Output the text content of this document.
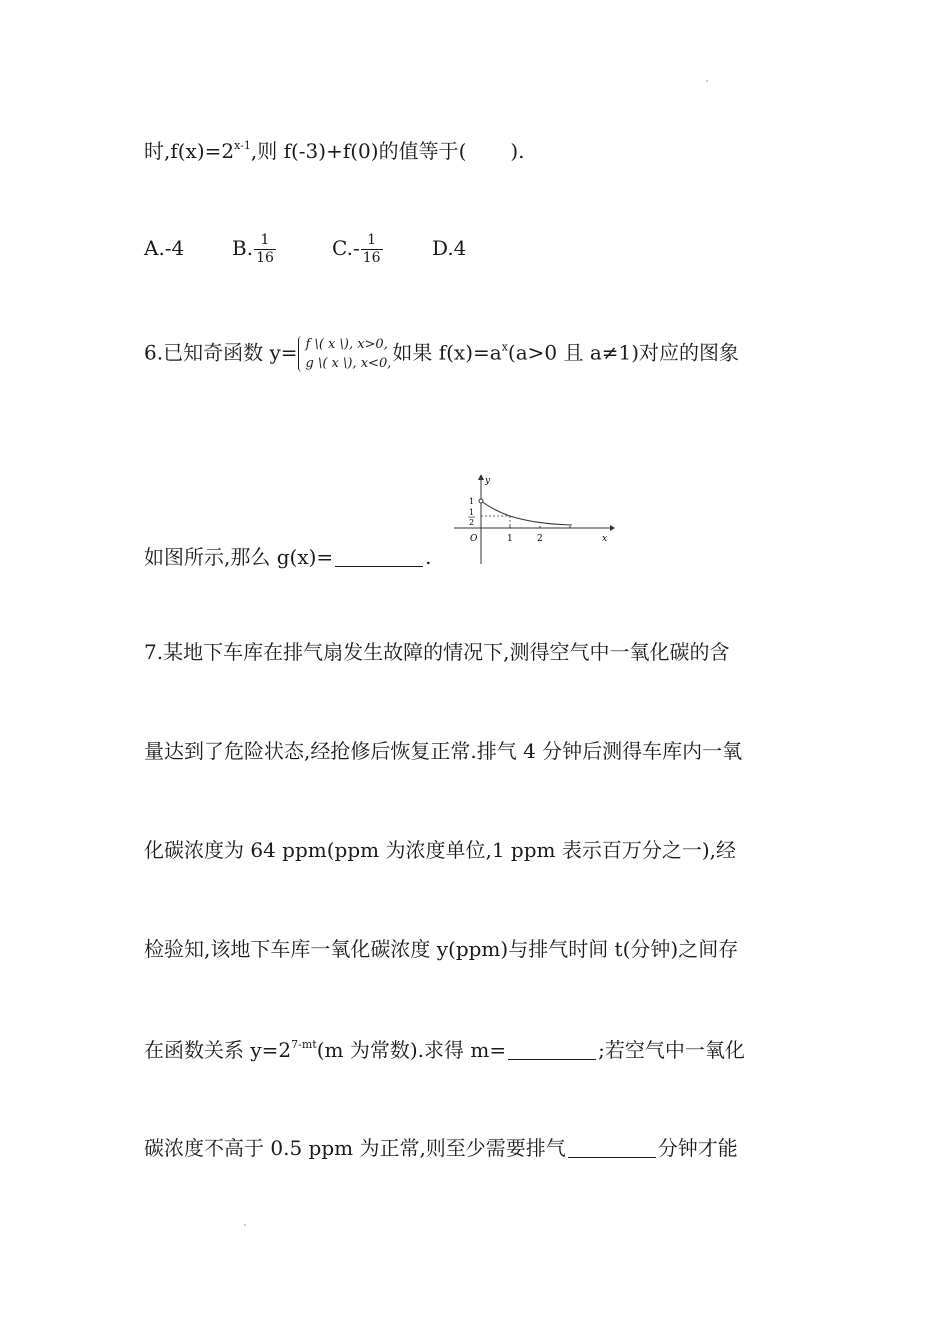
时$,f(x)=2^{x-1}$,则 f(-3)+f(0)的值等于( ).
A.-4 B. $\frac{1}{16}$	$C.- \frac{1}{16} D.4$
6.已知奇函数 y= f \( x \), x>0,
g \( x \), x<0, 如果 $f(x)=a^x(a>0$ 且 a≠1)对应的图象
如图所示,那么 g(x)=	.
y
x
O
1
1
2
1	2
7.某地下车库在排气扇发生故障的情况下,测得空气中一氧化碳的含
量达到了危险状态,经抢修后恢复正常.排气 4 分钟后测得车库内一氧
化碳浓度为 64 ppm(ppm 为浓度单位,1 ppm 表示百万分之一),经
检验知,该地下车库一氧化碳浓度 y(ppm)与排气时间 t(分钟)之间存
在函数关系 $y=2^{7-mt}(m$ 为常数).求得 m=	;若空气中一氧化
碳浓度不高于 0.5 ppm 为正常,则至少需要排气	分钟才能
